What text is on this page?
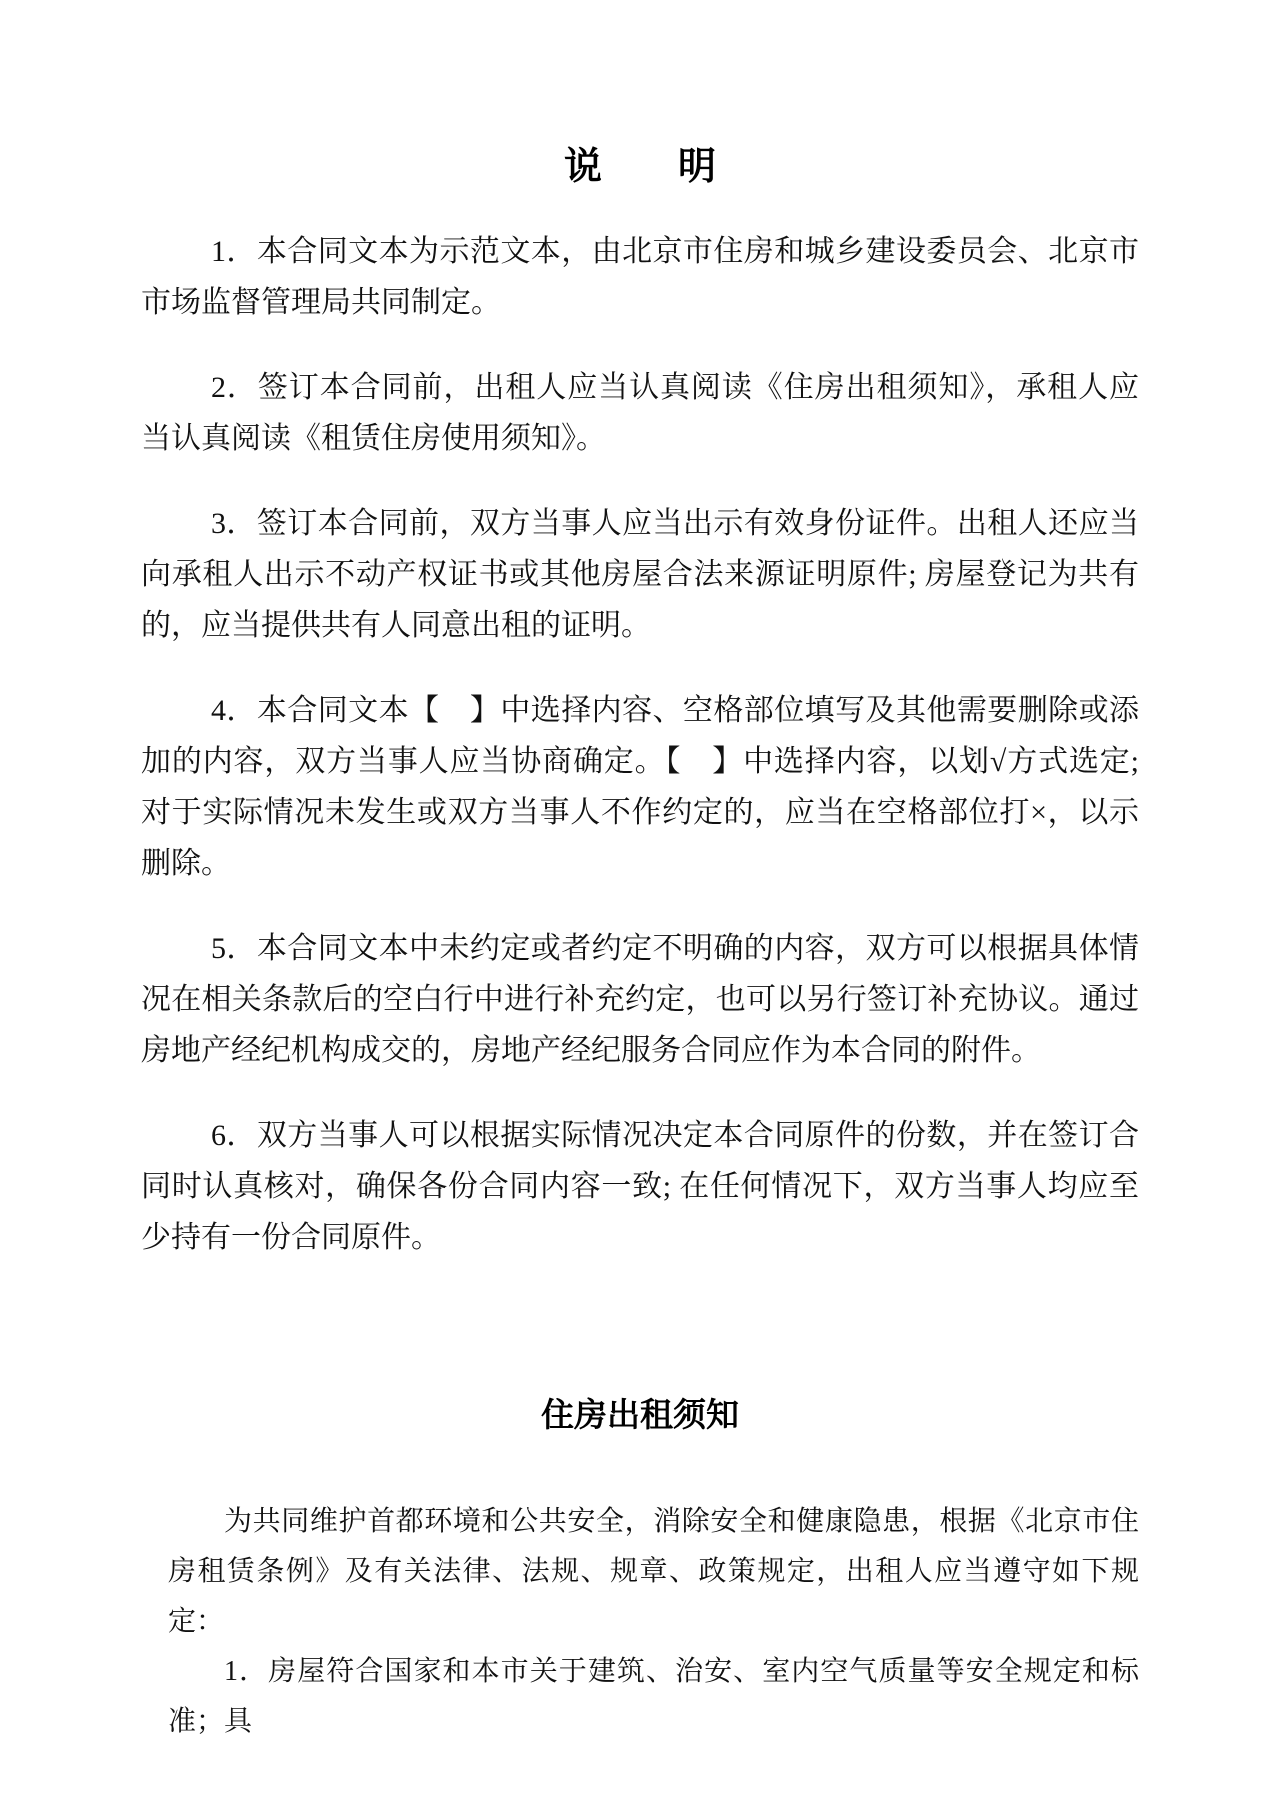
说　　明

1．本合同文本为示范文本，由北京市住房和城乡建设委员会、北京市市场监督管理局共同制定。

2．签订本合同前，出租人应当认真阅读《住房出租须知》，承租人应当认真阅读《租赁住房使用须知》。

3．签订本合同前，双方当事人应当出示有效身份证件。出租人还应当向承租人出示不动产权证书或其他房屋合法来源证明原件; 房屋登记为共有的，应当提供共有人同意出租的证明。

4．本合同文本【　】中选择内容、空格部位填写及其他需要删除或添加的内容，双方当事人应当协商确定。【　】中选择内容，以划√方式选定; 对于实际情况未发生或双方当事人不作约定的，应当在空格部位打×，以示删除。

5．本合同文本中未约定或者约定不明确的内容，双方可以根据具体情况在相关条款后的空白行中进行补充约定，也可以另行签订补充协议。通过房地产经纪机构成交的，房地产经纪服务合同应作为本合同的附件。

6．双方当事人可以根据实际情况决定本合同原件的份数，并在签订合同时认真核对，确保各份合同内容一致; 在任何情况下，双方当事人均应至少持有一份合同原件。

住房出租须知

为共同维护首都环境和公共安全，消除安全和健康隐患，根据《北京市住房租赁条例》及有关法律、法规、规章、政策规定，出租人应当遵守如下规定：

1．房屋符合国家和本市关于建筑、治安、室内空气质量等安全规定和标准；具
